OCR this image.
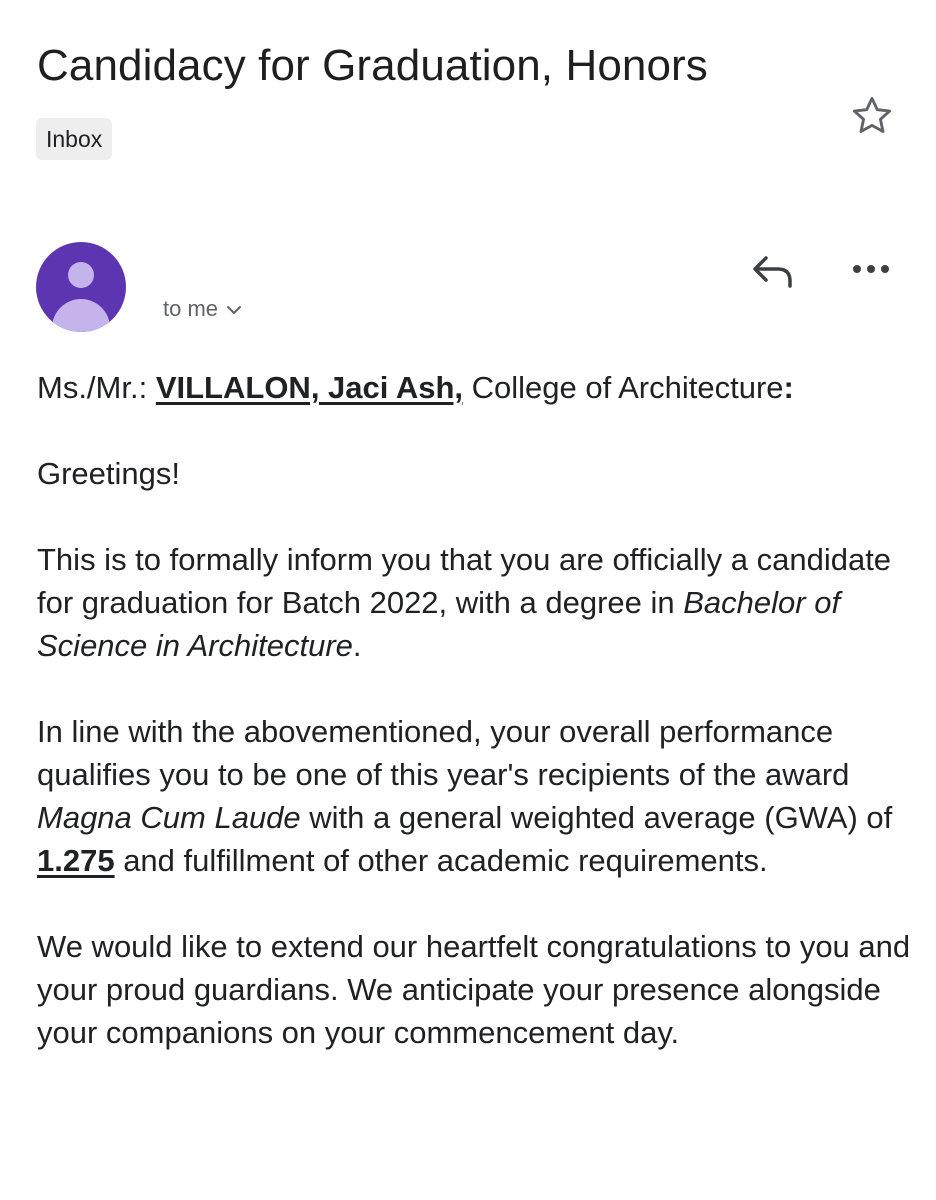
Candidacy for Graduation, Honors
Inbox
to me

Ms./Mr.: VILLALON, Jaci Ash, College of Architecture:

Greetings!

This is to formally inform you that you are officially a candidate for graduation for Batch 2022, with a degree in Bachelor of Science in Architecture.

In line with the abovementioned, your overall performance qualifies you to be one of this year's recipients of the award Magna Cum Laude with a general weighted average (GWA) of 1.275 and fulfillment of other academic requirements.

We would like to extend our heartfelt congratulations to you and your proud guardians. We anticipate your presence alongside your companions on your commencement day.
